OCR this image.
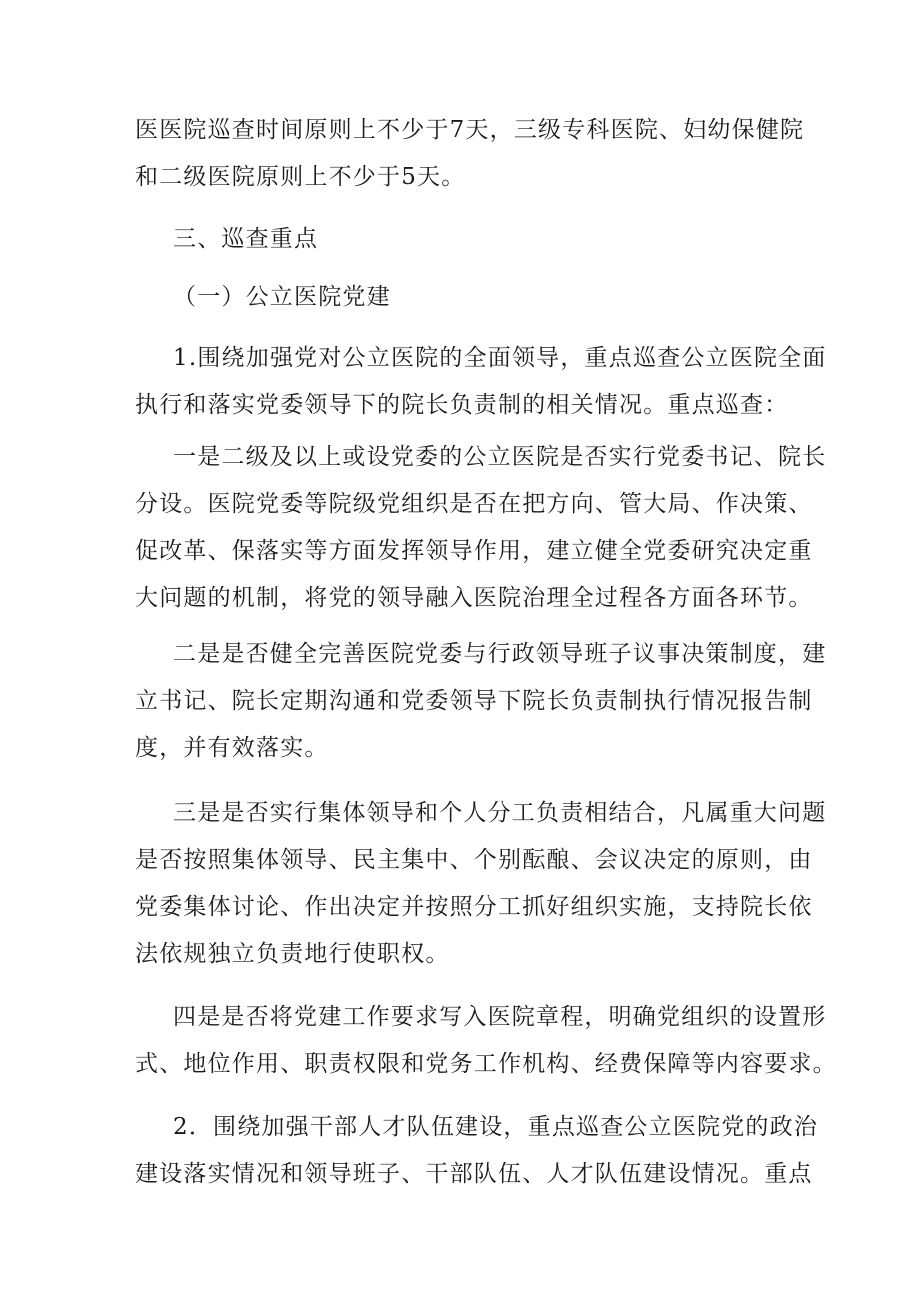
医医院巡查时间原则上不少于7天，三级专科医院、妇幼保健院
和二级医院原则上不少于5天。
三、巡查重点
（一）公立医院党建
1.围绕加强党对公立医院的全面领导，重点巡查公立医院全面
执行和落实党委领导下的院长负责制的相关情况。重点巡查：
一是二级及以上或设党委的公立医院是否实行党委书记、院长
分设。医院党委等院级党组织是否在把方向、管大局、作决策、
促改革、保落实等方面发挥领导作用，建立健全党委研究决定重
大问题的机制，将党的领导融入医院治理全过程各方面各环节。
二是是否健全完善医院党委与行政领导班子议事决策制度，建
立书记、院长定期沟通和党委领导下院长负责制执行情况报告制
度，并有效落实。
三是是否实行集体领导和个人分工负责相结合，凡属重大问题
是否按照集体领导、民主集中、个别酝酿、会议决定的原则，由
党委集体讨论、作出决定并按照分工抓好组织实施，支持院长依
法依规独立负责地行使职权。
四是是否将党建工作要求写入医院章程，明确党组织的设置形
式、地位作用、职责权限和党务工作机构、经费保障等内容要求。
2．围绕加强干部人才队伍建设，重点巡查公立医院党的政治
建设落实情况和领导班子、干部队伍、人才队伍建设情况。重点
